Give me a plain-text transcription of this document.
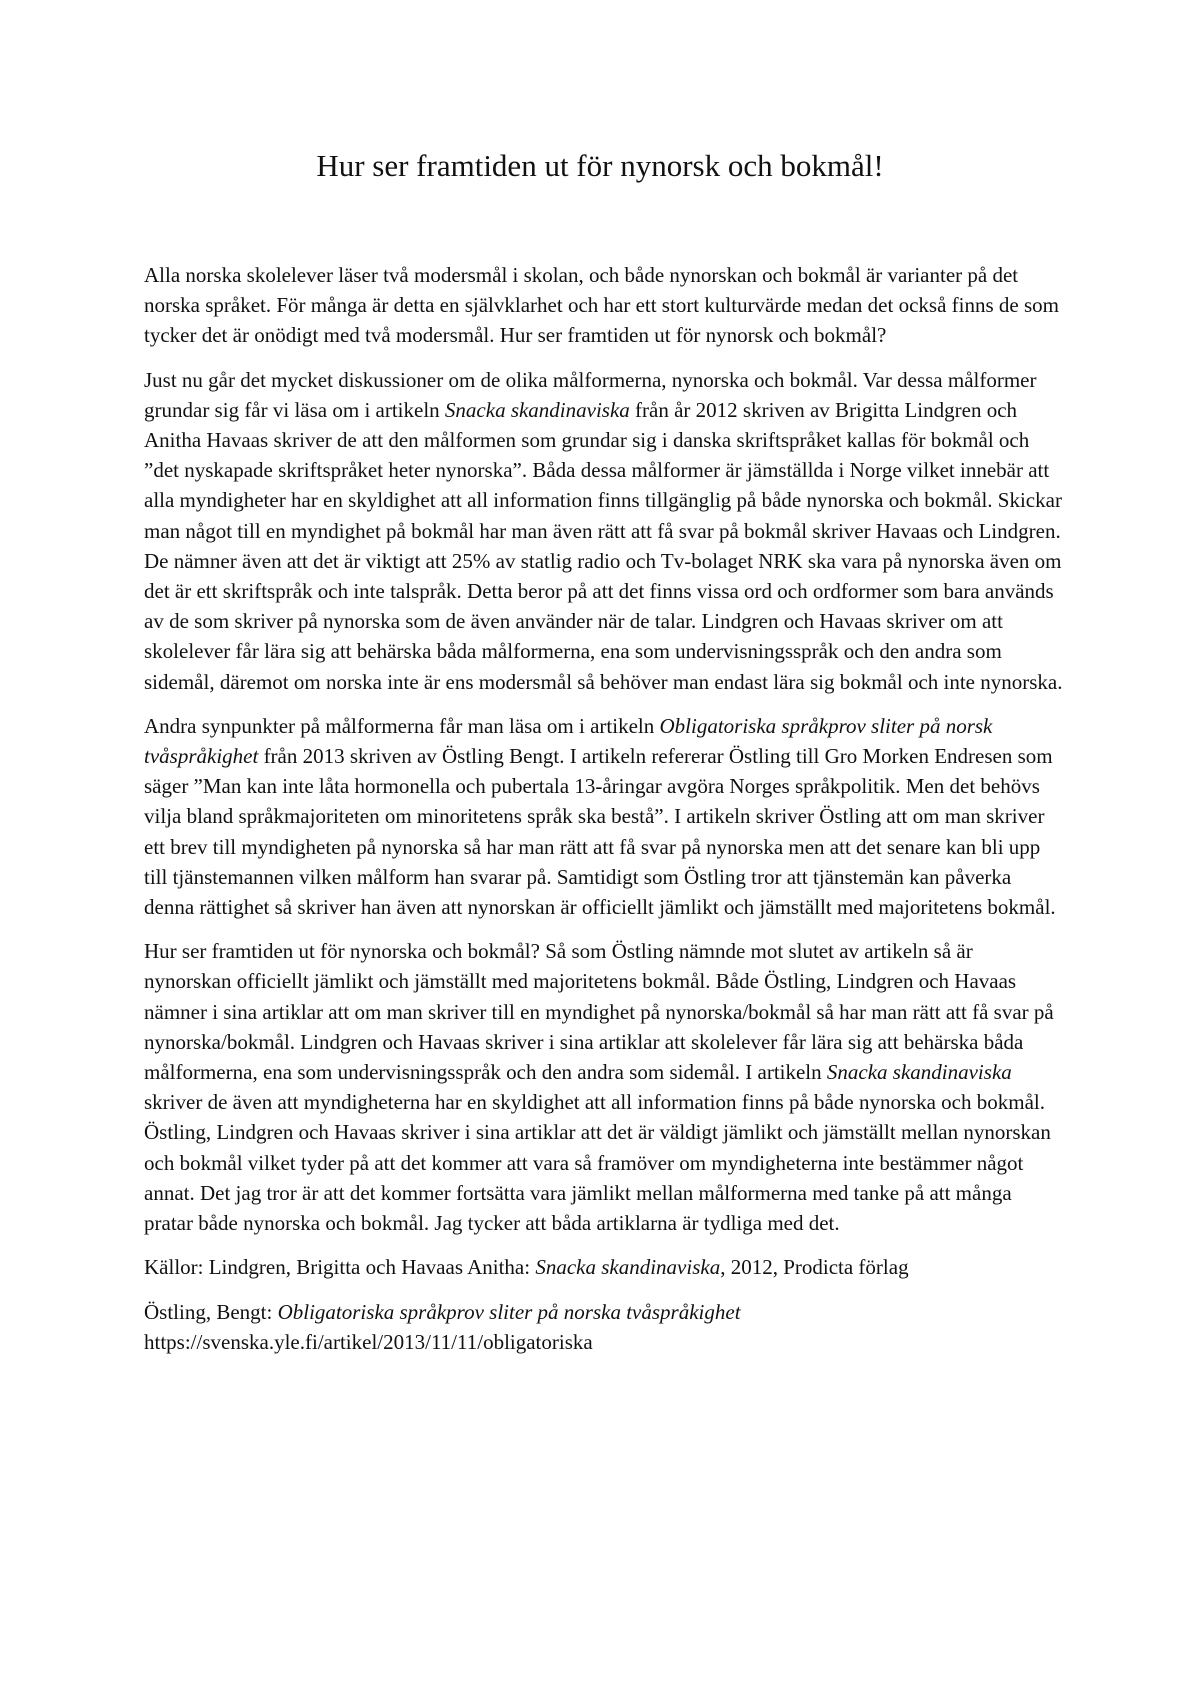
Hur ser framtiden ut för nynorsk och bokmål!

Alla norska skolelever läser två modersmål i skolan, och både nynorskan och bokmål är varianter på det norska språket. För många är detta en självklarhet och har ett stort kulturvärde medan det också finns de som tycker det är onödigt med två modersmål. Hur ser framtiden ut för nynorsk och bokmål?

Just nu går det mycket diskussioner om de olika målformerna, nynorska och bokmål. Var dessa målformer grundar sig får vi läsa om i artikeln Snacka skandinaviska från år 2012 skriven av Brigitta Lindgren och Anitha Havaas skriver de att den målformen som grundar sig i danska skriftspråket kallas för bokmål och ”det nyskapade skriftspråket heter nynorska”. Båda dessa målformer är jämställda i Norge vilket innebär att alla myndigheter har en skyldighet att all information finns tillgänglig på både nynorska och bokmål. Skickar man något till en myndighet på bokmål har man även rätt att få svar på bokmål skriver Havaas och Lindgren. De nämner även att det är viktigt att 25% av statlig radio och Tv-bolaget NRK ska vara på nynorska även om det är ett skriftspråk och inte talspråk. Detta beror på att det finns vissa ord och ordformer som bara används av de som skriver på nynorska som de även använder när de talar. Lindgren och Havaas skriver om att skolelever får lära sig att behärska båda målformerna, ena som undervisningsspråk och den andra som sidemål, däremot om norska inte är ens modersmål så behöver man endast lära sig bokmål och inte nynorska.

Andra synpunkter på målformerna får man läsa om i artikeln Obligatoriska språkprov sliter på norsk tvåspråkighet från 2013 skriven av Östling Bengt. I artikeln refererar Östling till Gro Morken Endresen som säger ”Man kan inte låta hormonella och pubertala 13-åringar avgöra Norges språkpolitik. Men det behövs vilja bland språkmajoriteten om minoritetens språk ska bestå”. I artikeln skriver Östling att om man skriver ett brev till myndigheten på nynorska så har man rätt att få svar på nynorska men att det senare kan bli upp till tjänstemannen vilken målform han svarar på. Samtidigt som Östling tror att tjänstemän kan påverka denna rättighet så skriver han även att nynorskan är officiellt jämlikt och jämställt med majoritetens bokmål.

Hur ser framtiden ut för nynorska och bokmål? Så som Östling nämnde mot slutet av artikeln så är nynorskan officiellt jämlikt och jämställt med majoritetens bokmål. Både Östling, Lindgren och Havaas nämner i sina artiklar att om man skriver till en myndighet på nynorska/bokmål så har man rätt att få svar på nynorska/bokmål. Lindgren och Havaas skriver i sina artiklar att skolelever får lära sig att behärska båda målformerna, ena som undervisningsspråk och den andra som sidemål. I artikeln Snacka skandinaviska skriver de även att myndigheterna har en skyldighet att all information finns på både nynorska och bokmål. Östling, Lindgren och Havaas skriver i sina artiklar att det är väldigt jämlikt och jämställt mellan nynorskan och bokmål vilket tyder på att det kommer att vara så framöver om myndigheterna inte bestämmer något annat. Det jag tror är att det kommer fortsätta vara jämlikt mellan målformerna med tanke på att många pratar både nynorska och bokmål. Jag tycker att båda artiklarna är tydliga med det.

Källor: Lindgren, Brigitta och Havaas Anitha: Snacka skandinaviska, 2012, Prodicta förlag

Östling, Bengt: Obligatoriska språkprov sliter på norska tvåspråkighet
https://svenska.yle.fi/artikel/2013/11/11/obligatoriska
